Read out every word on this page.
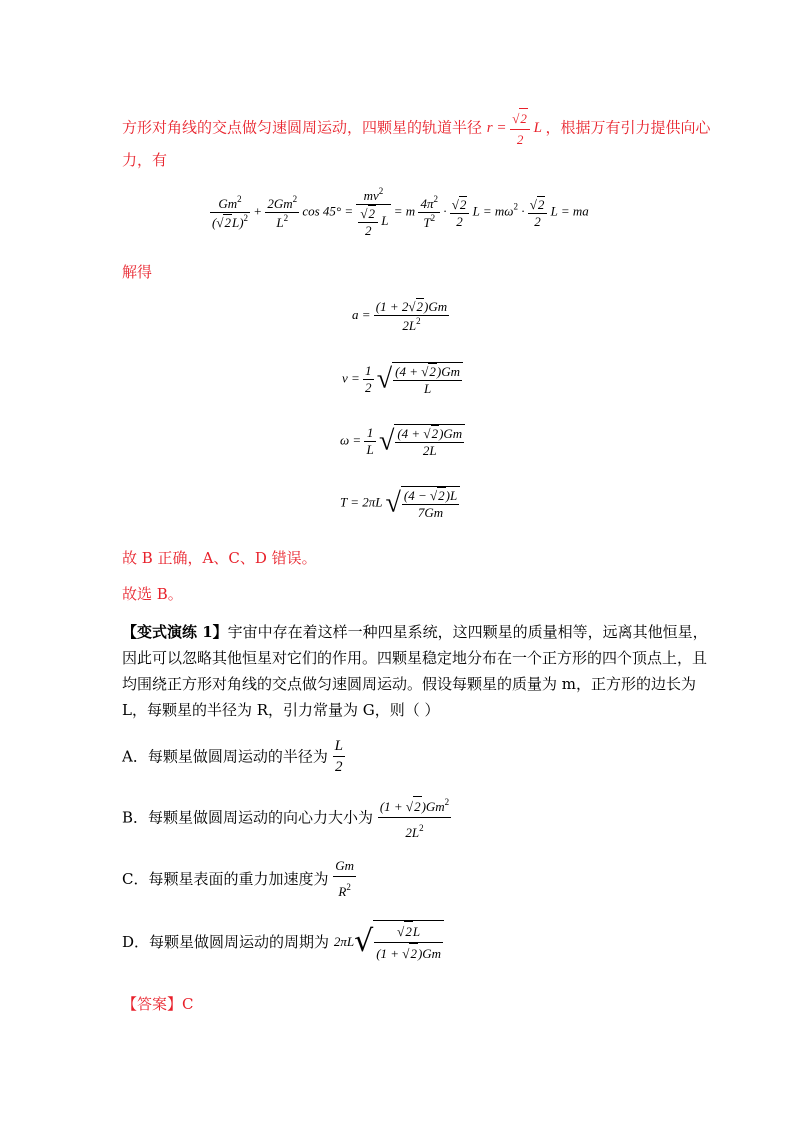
方形对角线的交点做匀速圆周运动，四颗星的轨道半径 $r = \frac{√2}{2}$ L ，根据万有引力提供向心
力，有
$\frac{Gm^2}{(√2L)^2} + \frac{2Gm^2}{L^2}$ $\cos 45^\circ = \frac{mv^2}{\frac{√2}{2} L} = m \frac{4\pi^2}{T^2} \cdot \frac{√2}{2}$ $L = m\omega^2 \cdot \frac{√2}{2}$ L = ma
解得
$a = \frac{(1 + 2√2)Gm}{2L^2}$
$v = \frac{1}{2}$ √ $\frac{(4 + √2)Gm}{L}$
$\omega = \frac{1}{L}$ √ $\frac{(4 + √2)Gm}{2L}$
T = 2πL √ $\frac{(4 - √2)L}{7Gm}$
故 B 正确，A、C、D 错误。
故选 B。
【变式演练 1】宇宙中存在着这样一种四星系统，这四颗星的质量相等，远离其他恒星，
因此可以忽略其他恒星对它们的作用。四颗星稳定地分布在一个正方形的四个顶点上，且
均围绕正方形对角线的交点做匀速圆周运动。假设每颗星的质量为 m，正方形的边长为
L，每颗星的半径为 R，引力常量为 G，则（ ）
A．每颗星做圆周运动的半径为 $\frac{L}{2}$
B．每颗星做圆周运动的向心力大小为 $\frac{(1 + √2)Gm^2}{2L^2}$
C．每颗星表面的重力加速度为 $\frac{Gm}{R^2}$
D．每颗星做圆周运动的周期为 $2\pi L√ \frac{√2L}{(1 + √2)Gm}$
【答案】C
